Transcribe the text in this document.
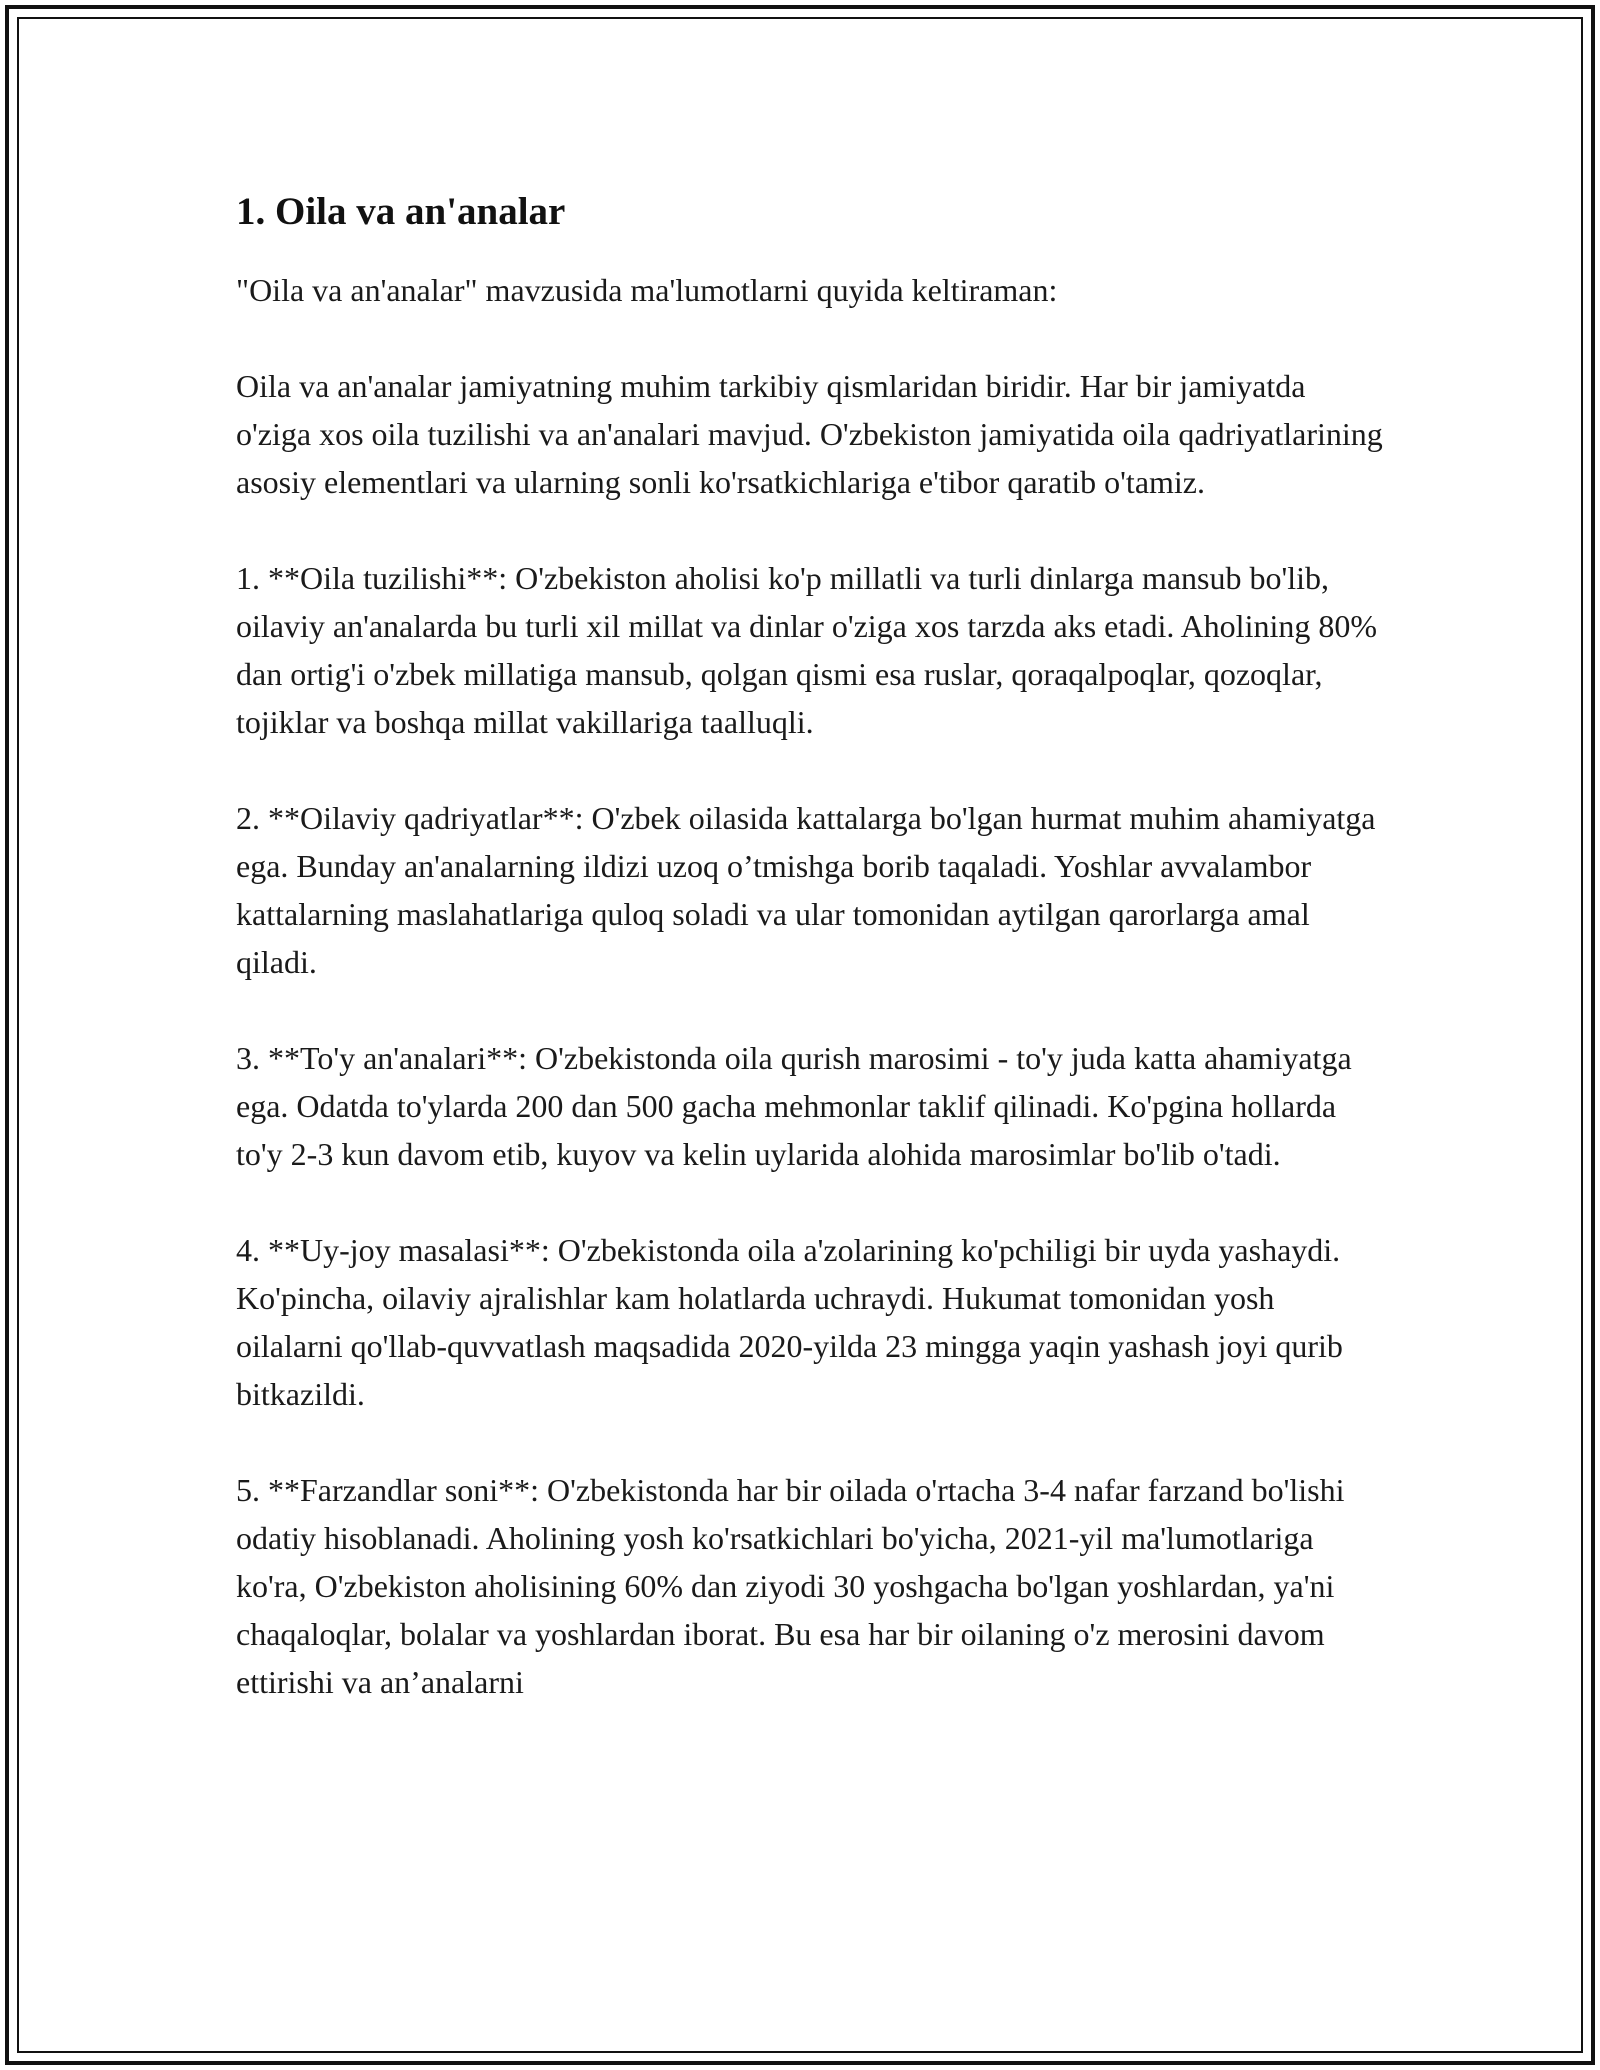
1. Oila va an'analar

"Oila va an'analar" mavzusida ma'lumotlarni quyida keltiraman:

Oila va an'analar jamiyatning muhim tarkibiy qismlaridan biridir. Har bir jamiyatda o'ziga xos oila tuzilishi va an'analari mavjud. O'zbekiston jamiyatida oila qadriyatlarining asosiy elementlari va ularning sonli ko'rsatkichlariga e'tibor qaratib o'tamiz.

1. **Oila tuzilishi**: O'zbekiston aholisi ko'p millatli va turli dinlarga mansub bo'lib, oilaviy an'analarda bu turli xil millat va dinlar o'ziga xos tarzda aks etadi. Aholining 80% dan ortig'i o'zbek millatiga mansub, qolgan qismi esa ruslar, qoraqalpoqlar, qozoqlar, tojiklar va boshqa millat vakillariga taalluqli.

2. **Oilaviy qadriyatlar**: O'zbek oilasida kattalarga bo'lgan hurmat muhim ahamiyatga ega. Bunday an'analarning ildizi uzoq o’tmishga borib taqaladi. Yoshlar avvalambor kattalarning maslahatlariga quloq soladi va ular tomonidan aytilgan qarorlarga amal qiladi.

3. **To'y an'analari**: O'zbekistonda oila qurish marosimi - to'y juda katta ahamiyatga ega. Odatda to'ylarda 200 dan 500 gacha mehmonlar taklif qilinadi. Ko'pgina hollarda to'y 2-3 kun davom etib, kuyov va kelin uylarida alohida marosimlar bo'lib o'tadi.

4. **Uy-joy masalasi**: O'zbekistonda oila a'zolarining ko'pchiligi bir uyda yashaydi. Ko'pincha, oilaviy ajralishlar kam holatlarda uchraydi. Hukumat tomonidan yosh oilalarni qo'llab-quvvatlash maqsadida 2020-yilda 23 mingga yaqin yashash joyi qurib bitkazildi.

5. **Farzandlar soni**: O'zbekistonda har bir oilada o'rtacha 3-4 nafar farzand bo'lishi odatiy hisoblanadi. Aholining yosh ko'rsatkichlari bo'yicha, 2021-yil ma'lumotlariga ko'ra, O'zbekiston aholisining 60% dan ziyodi 30 yoshgacha bo'lgan yoshlardan, ya'ni chaqaloqlar, bolalar va yoshlardan iborat. Bu esa har bir oilaning o'z merosini davom ettirishi va an’analarni
